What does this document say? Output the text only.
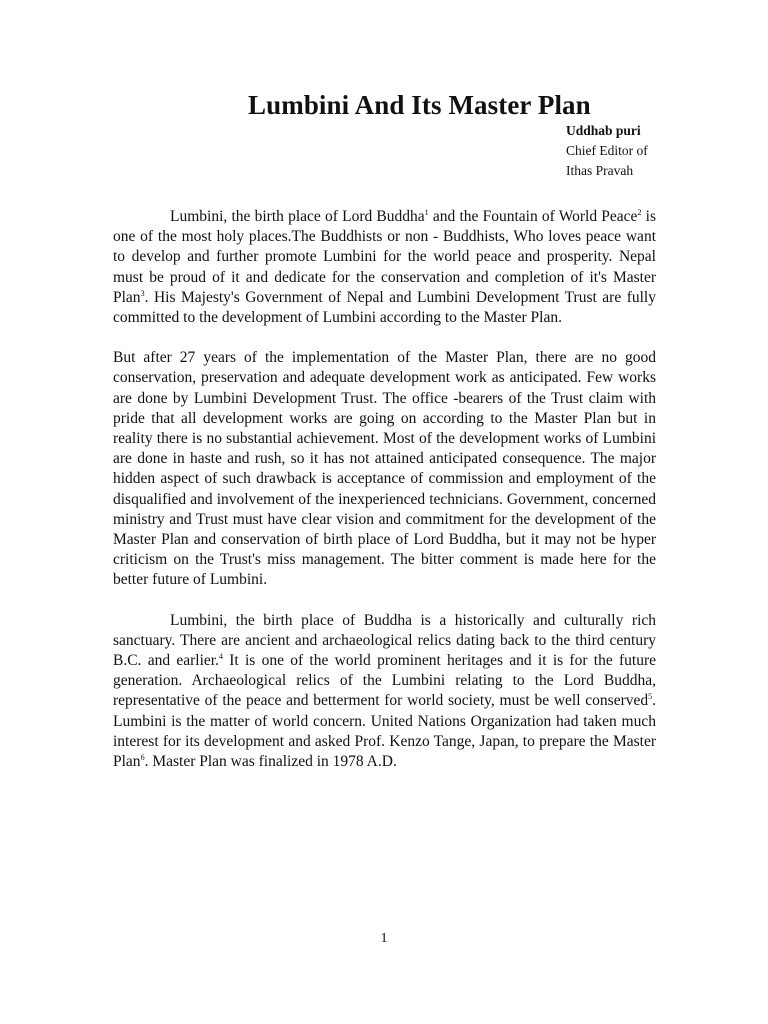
Lumbini And Its Master Plan
Uddhab puri
Chief Editor of
Ithas Pravah

Lumbini, the birth place of Lord Buddha$^1$ and the Fountain of World Peace$^2$ is one of the most holy places.The Buddhists or non - Buddhists, Who loves peace want to develop and further promote Lumbini for the world peace and prosperity. Nepal must be proud of it and dedicate for the conservation and completion of it's Master Plan$^3$. His Majesty's Government of Nepal and Lumbini Development Trust are fully committed to the development of Lumbini according to the Master Plan.

But after 27 years of the implementation of the Master Plan, there are no good conservation, preservation and adequate development work as anticipated. Few works are done by Lumbini Development Trust. The office -bearers of the Trust claim with pride that all development works are going on according to the Master Plan but in reality there is no substantial achievement. Most of the development works of Lumbini are done in haste and rush, so it has not attained anticipated consequence. The major hidden aspect of such drawback is acceptance of commission and employment of the disqualified and involvement of the inexperienced technicians. Government, concerned ministry and Trust must have clear vision and commitment for the development of the Master Plan and conservation of birth place of Lord Buddha, but it may not be hyper criticism on the Trust's miss management. The bitter comment is made here for the better future of Lumbini.

Lumbini, the birth place of Buddha is a historically and culturally rich sanctuary. There are ancient and archaeological relics dating back to the third century B.C. and earlier.$^4$ It is one of the world prominent heritages and it is for the future generation. Archaeological relics of the Lumbini relating to the Lord Buddha, representative of the peace and betterment for world society, must be well conserved$^5$. Lumbini is the matter of world concern. United Nations Organization had taken much interest for its development and asked Prof. Kenzo Tange, Japan, to prepare the Master Plan$^6$. Master Plan was finalized in 1978 A.D.

1
